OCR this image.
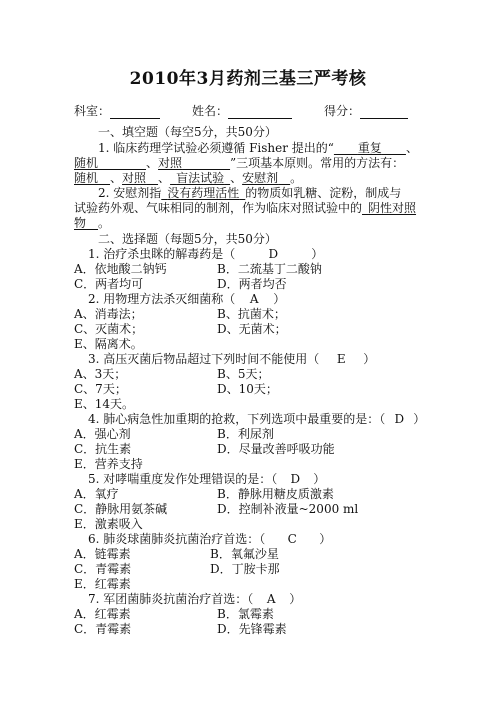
2010年3月药剂三基三严考核
科室：	姓名：	得分：
一、填空题（每空5分，共50分）
1. 临床药理学试验必须遵循 Fisher 提出的“   重复   、
随机    	、对照    	”三项基本原则。常用的方法有：
随机   、对照   、  盲法试验  、安慰剂  。
2. 安慰剂指  没有药理活性  的物质如乳糖、淀粉，制成与
试验药外观、气味相同的制剂，作为临床对照试验中的  阴性对照
物  。
二、选择题（每题5分，共50分）
1. 治疗杀虫眯的解毒药是（	D	）
A．依地酸二钠钙	B．二巯基丁二酸钠
C．两者均可	D．两者均否
2. 用物理方法杀灭细菌称（ A ）
A、消毒法；	B、抗菌术；
C、灭菌术；	D、无菌术；
E、隔离术。
3. 高压灭菌后物品超过下列时间不能使用（ E ）
A、3天；	B、5天；
C、7天；	D、10天；
E、14天。
4. 肺心病急性加重期的抢救，下列选项中最重要的是：（ D ）
A．强心剂	B．利尿剂
C．抗生素	D．尽量改善呼吸功能
E．营养支持
5. 对哮喘重度发作处理错误的是：（ D ）
A．氧疗	B．静脉用糖皮质激素
C．静脉用氨茶碱	D．控制补液量~2000 ml
E．激素吸入
6. 肺炎球菌肺炎抗菌治疗首选：（ C ）
A．链霉素	B．氧氟沙星
C．青霉素	D．丁胺卡那
E．红霉素
7. 军团菌肺炎抗菌治疗首选：（ A ）
A．红霉素	B．氯霉素
C．青霉素	D．先锋霉素
